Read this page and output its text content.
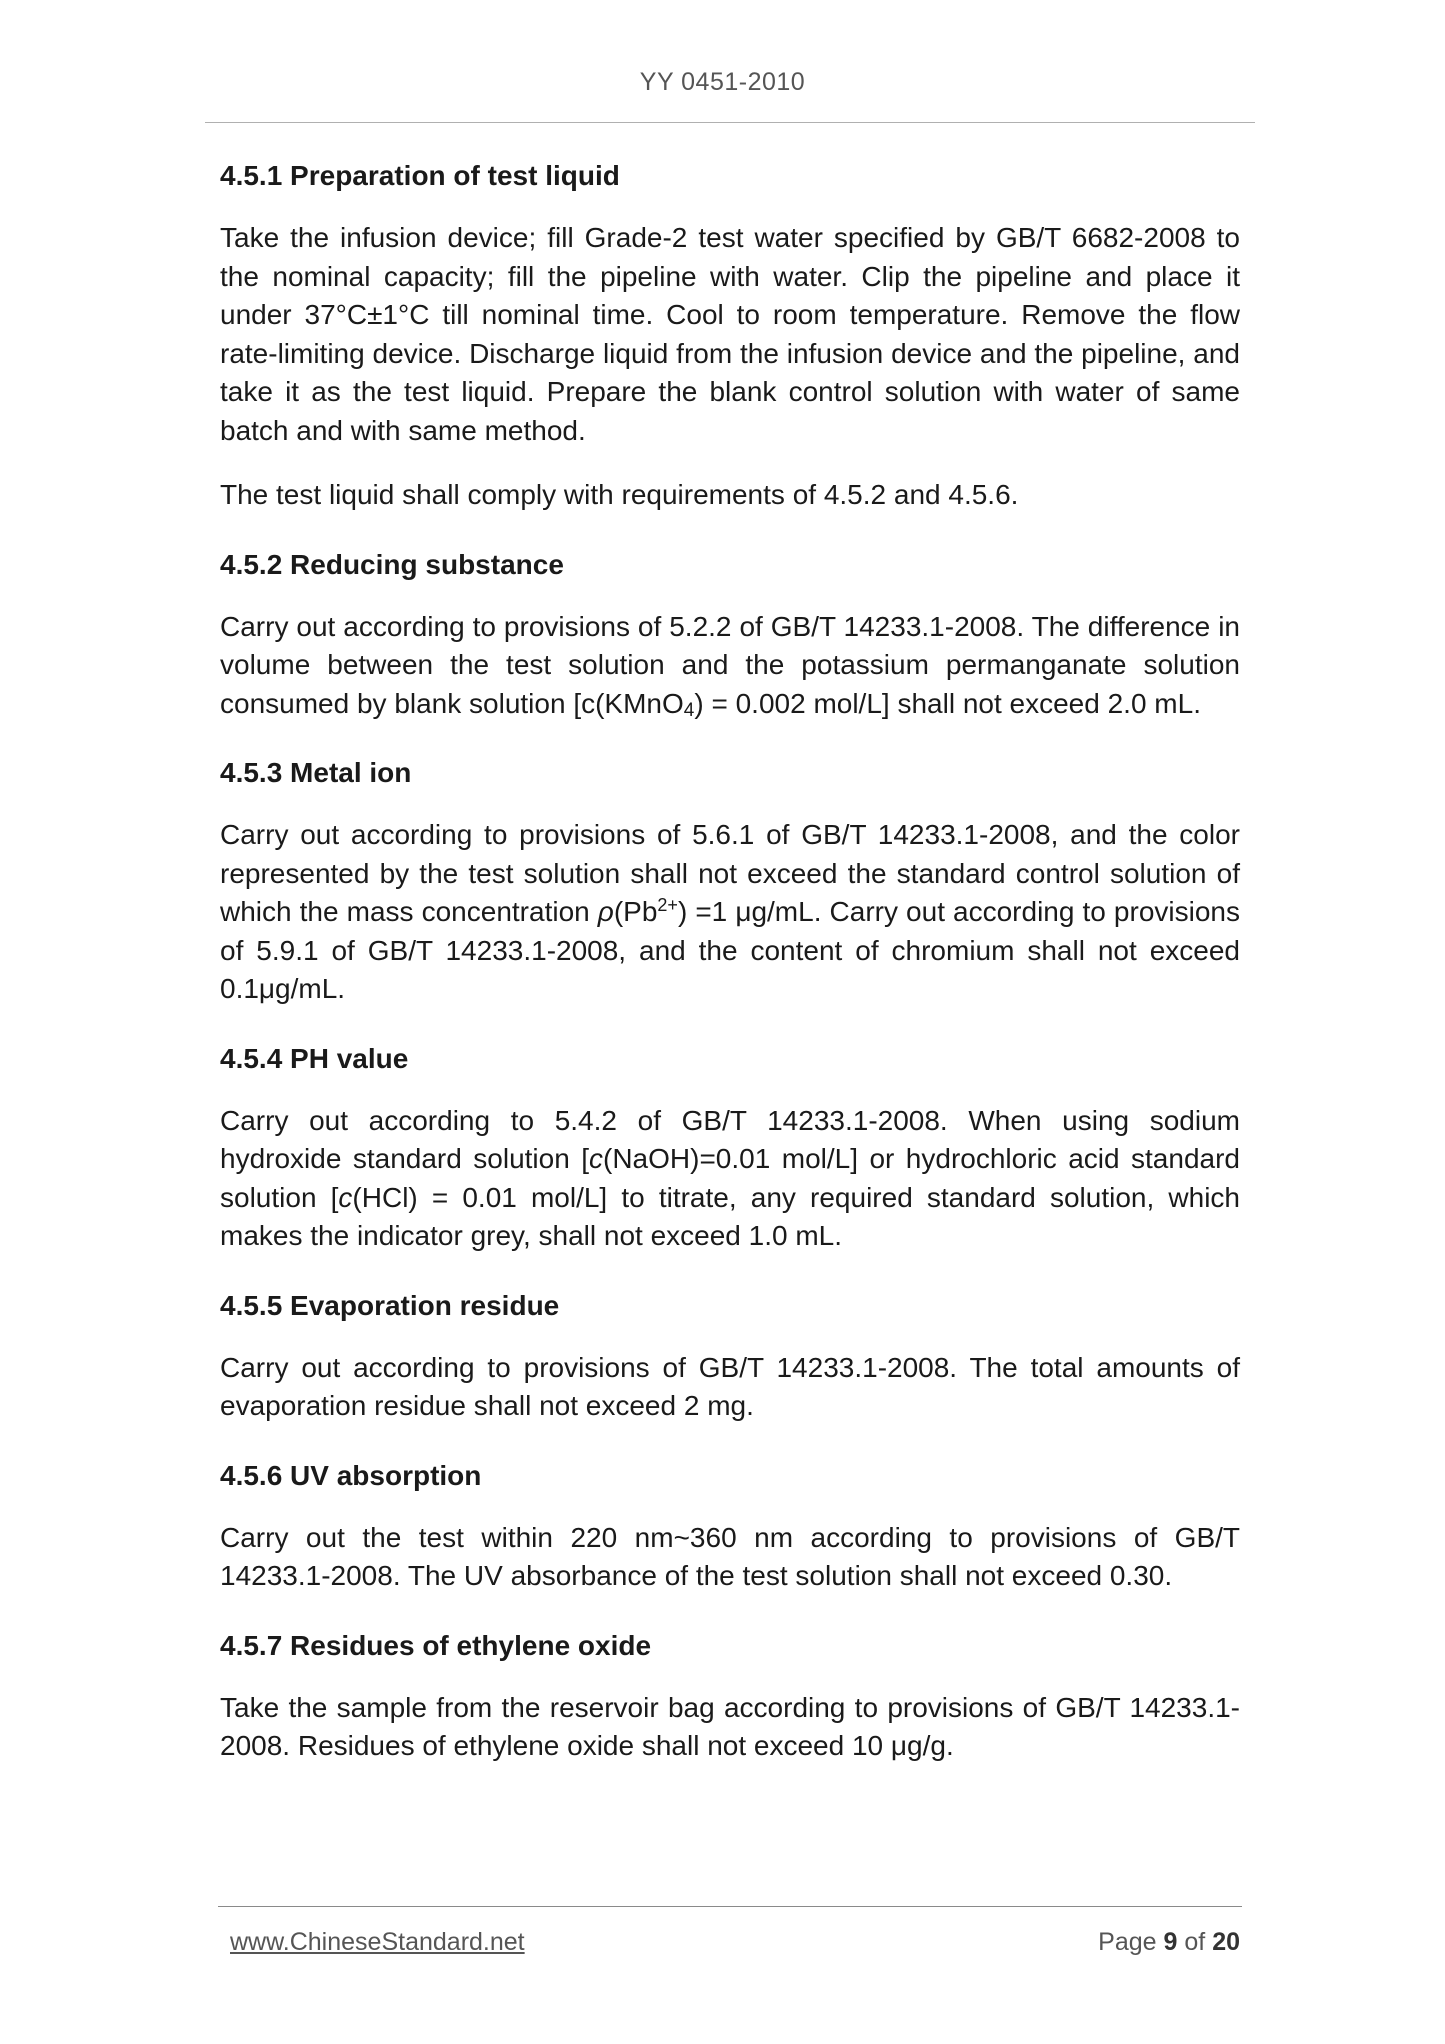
YY 0451-2010
4.5.1 Preparation of test liquid

Take the infusion device; fill Grade-2 test water specified by GB/T 6682-2008 to the nominal capacity; fill the pipeline with water. Clip the pipeline and place it under 37°C±1°C till nominal time. Cool to room temperature. Remove the flow rate-limiting device. Discharge liquid from the infusion device and the pipeline, and take it as the test liquid. Prepare the blank control solution with water of same batch and with same method.

The test liquid shall comply with requirements of 4.5.2 and 4.5.6.

4.5.2 Reducing substance

Carry out according to provisions of 5.2.2 of GB/T 14233.1-2008. The difference in volume between the test solution and the potassium permanganate solution consumed by blank solution [c(KMnO4) = 0.002 mol/L] shall not exceed 2.0 mL.

4.5.3 Metal ion

Carry out according to provisions of 5.6.1 of GB/T 14233.1-2008, and the color represented by the test solution shall not exceed the standard control solution of which the mass concentration $\rho(Pb^{2+}) =1$ μg/mL. Carry out according to provisions of 5.9.1 of GB/T 14233.1-2008, and the content of chromium shall not exceed 0.1μg/mL.

4.5.4 PH value

Carry out according to 5.4.2 of GB/T 14233.1-2008. When using sodium hydroxide standard solution [c(NaOH)=0.01 mol/L] or hydrochloric acid standard solution [c(HCl) = 0.01 mol/L] to titrate, any required standard solution, which makes the indicator grey, shall not exceed 1.0 mL.

4.5.5 Evaporation residue

Carry out according to provisions of GB/T 14233.1-2008. The total amounts of evaporation residue shall not exceed 2 mg.

4.5.6 UV absorption

Carry out the test within 220 nm~360 nm according to provisions of GB/T 14233.1-2008. The UV absorbance of the test solution shall not exceed 0.30.

4.5.7 Residues of ethylene oxide

Take the sample from the reservoir bag according to provisions of GB/T 14233.1-2008. Residues of ethylene oxide shall not exceed 10 μg/g.

www.ChineseStandard.net	Page 9 of 20
